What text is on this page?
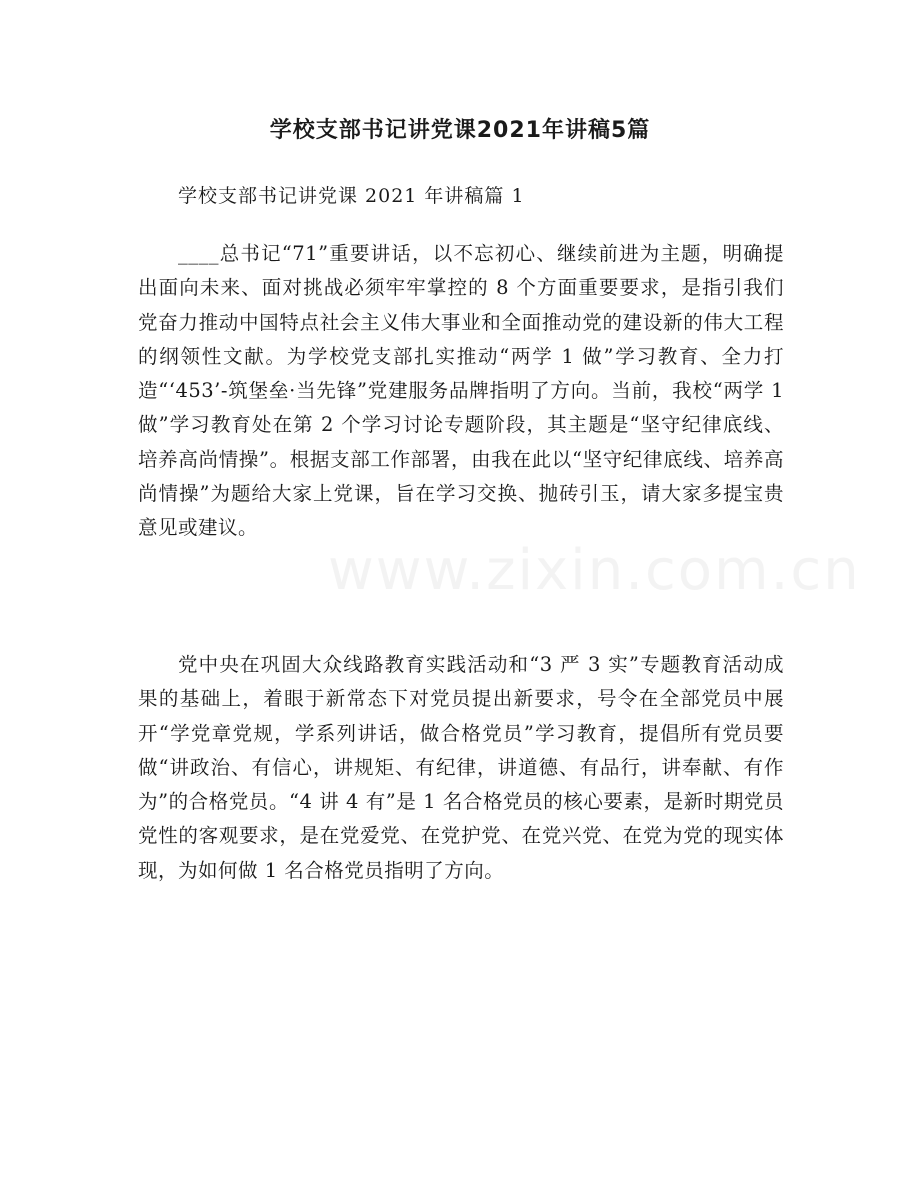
学校支部书记讲党课2021年讲稿5篇

学校支部书记讲党课 2021 年讲稿篇 1

____总书记“71”重要讲话，以不忘初心、继续前进为主题，明确提出面向未来、面对挑战必须牢牢掌控的 8 个方面重要要求，是指引我们党奋力推动中国特点社会主义伟大事业和全面推动党的建设新的伟大工程的纲领性文献。为学校党支部扎实推动“两学 1 做”学习教育、全力打造“‘453’-筑堡垒·当先锋”党建服务品牌指明了方向。当前，我校“两学 1 做”学习教育处在第 2 个学习讨论专题阶段，其主题是“坚守纪律底线、培养高尚情操”。根据支部工作部署，由我在此以“坚守纪律底线、培养高尚情操”为题给大家上党课，旨在学习交换、抛砖引玉，请大家多提宝贵意见或建议。

党中央在巩固大众线路教育实践活动和“3 严 3 实”专题教育活动成果的基础上，着眼于新常态下对党员提出新要求，号令在全部党员中展开“学党章党规，学系列讲话，做合格党员”学习教育，提倡所有党员要做“讲政治、有信心，讲规矩、有纪律，讲道德、有品行，讲奉献、有作为”的合格党员。“4 讲 4 有”是 1 名合格党员的核心要素，是新时期党员党性的客观要求，是在党爱党、在党护党、在党兴党、在党为党的现实体现，为如何做 1 名合格党员指明了方向。

www.zixin.com.cn
